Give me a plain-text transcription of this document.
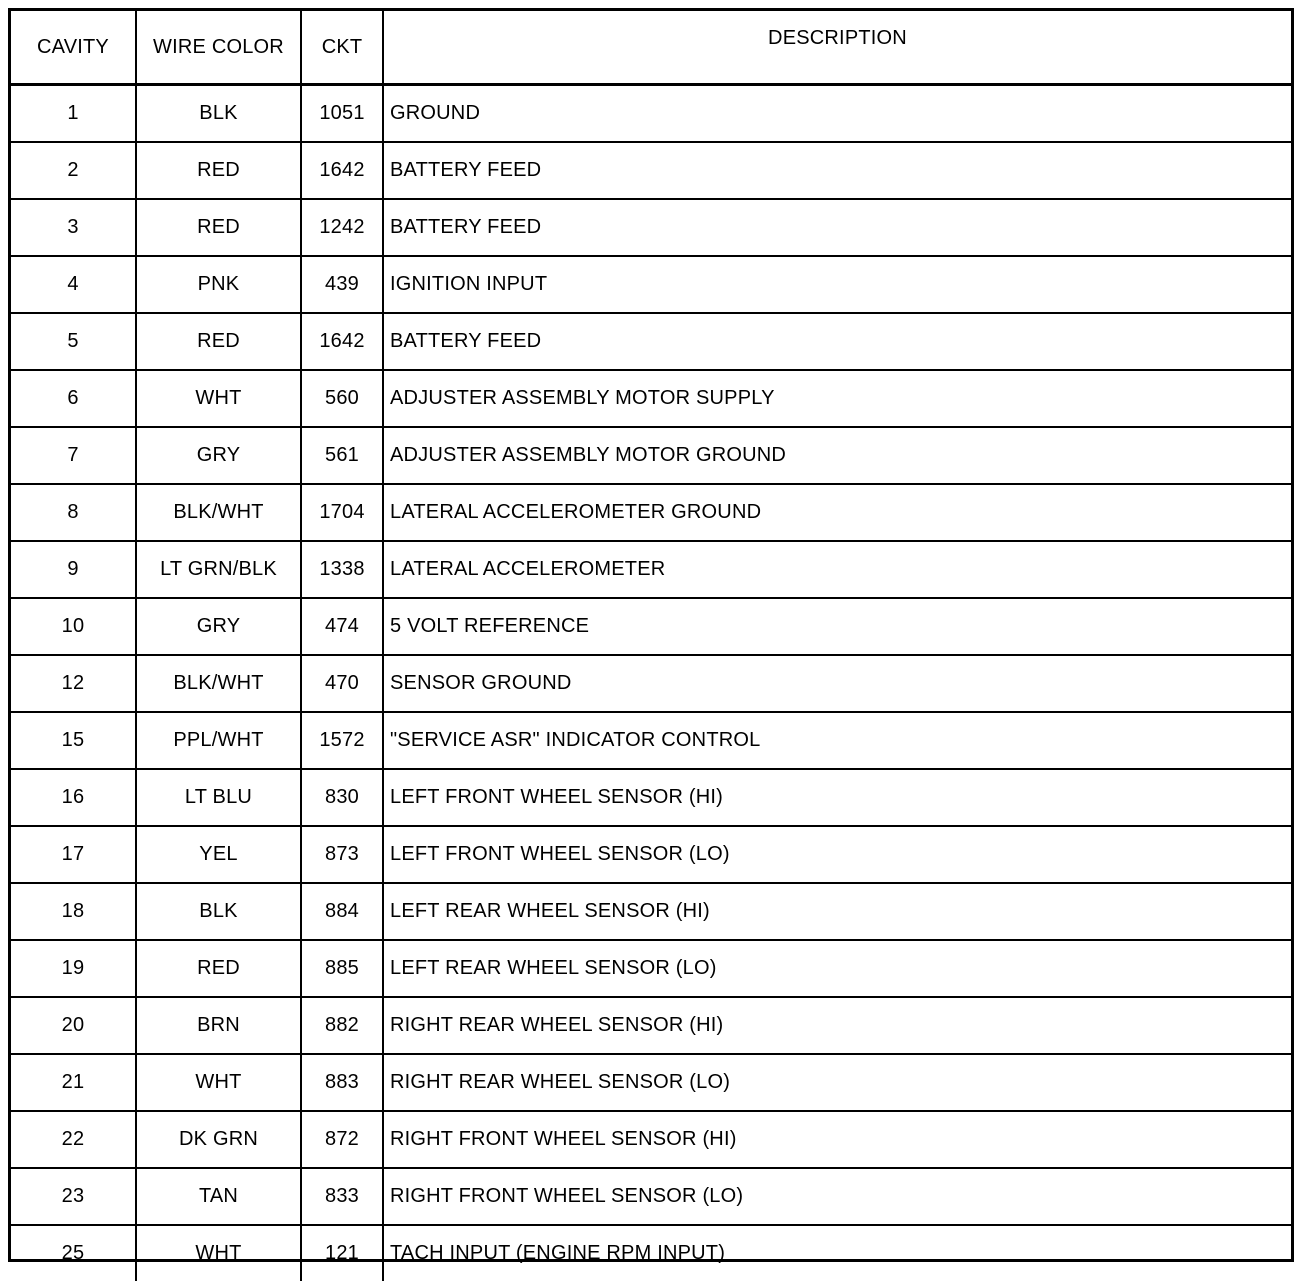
CAVITY	WIRE COLOR	CKT	DESCRIPTION
1	BLK	1051	GROUND
2	RED	1642	BATTERY FEED
3	RED	1242	BATTERY FEED
4	PNK	439	IGNITION INPUT
5	RED	1642	BATTERY FEED
6	WHT	560	ADJUSTER ASSEMBLY MOTOR SUPPLY
7	GRY	561	ADJUSTER ASSEMBLY MOTOR GROUND
8	BLK/WHT	1704	LATERAL ACCELEROMETER GROUND
9	LT GRN/BLK	1338	LATERAL ACCELEROMETER
10	GRY	474	5 VOLT REFERENCE
12	BLK/WHT	470	SENSOR GROUND
15	PPL/WHT	1572	"SERVICE ASR" INDICATOR CONTROL
16	LT BLU	830	LEFT FRONT WHEEL SENSOR (HI)
17	YEL	873	LEFT FRONT WHEEL SENSOR (LO)
18	BLK	884	LEFT REAR WHEEL SENSOR (HI)
19	RED	885	LEFT REAR WHEEL SENSOR (LO)
20	BRN	882	RIGHT REAR WHEEL SENSOR (HI)
21	WHT	883	RIGHT REAR WHEEL SENSOR (LO)
22	DK GRN	872	RIGHT FRONT WHEEL SENSOR (HI)
23	TAN	833	RIGHT FRONT WHEEL SENSOR (LO)
25	WHT	121	TACH INPUT (ENGINE RPM INPUT)
